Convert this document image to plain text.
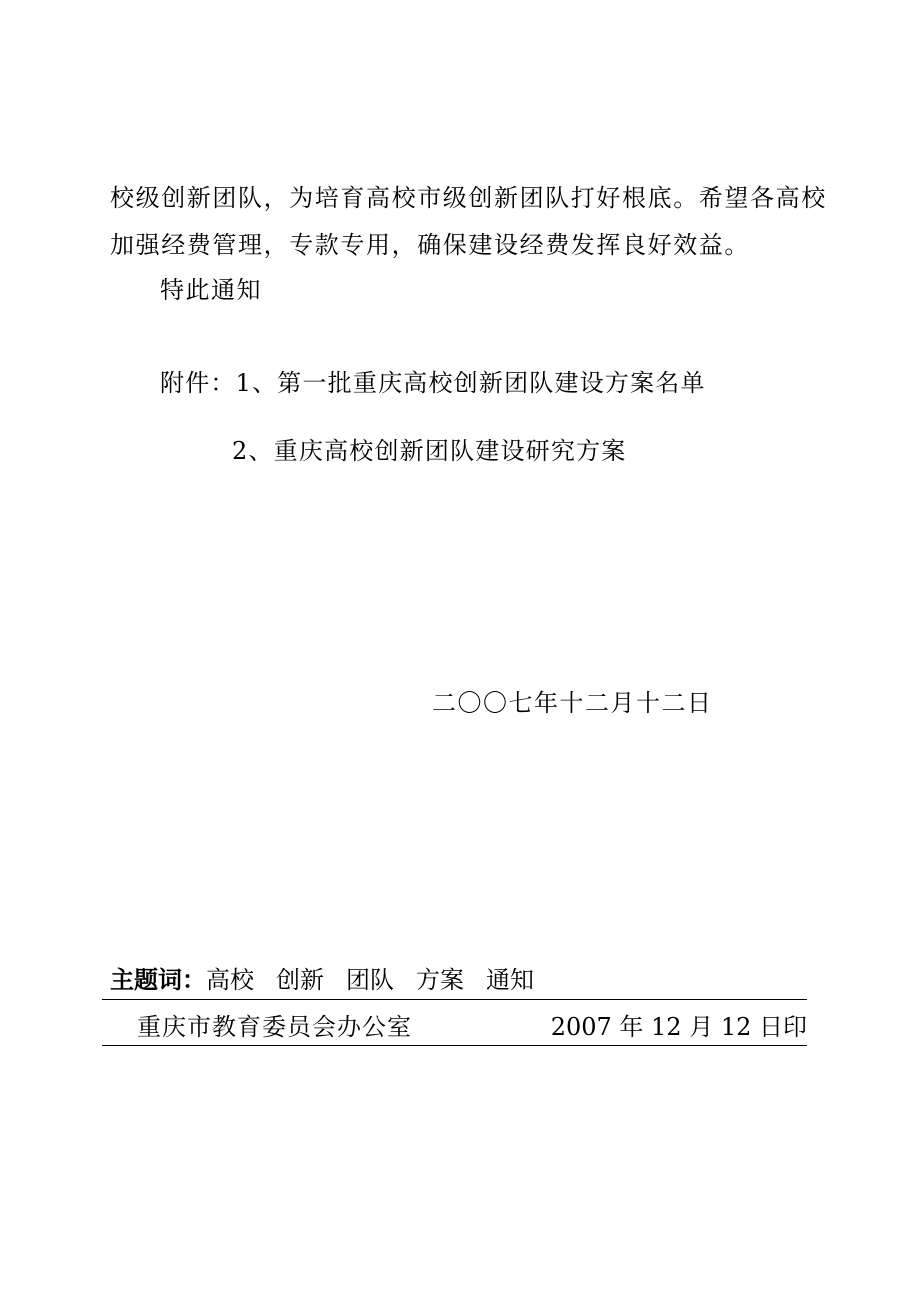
校级创新团队，为培育高校市级创新团队打好根底。希望各高校
加强经费管理，专款专用，确保建设经费发挥良好效益。
特此通知
附件：1、第一批重庆高校创新团队建设方案名单
2、重庆高校创新团队建设研究方案
二〇〇七年十二月十二日
主题词：高校 创新 团队 方案 通知
重庆市教育委员会办公室	2007 年 12 月 12 日印
